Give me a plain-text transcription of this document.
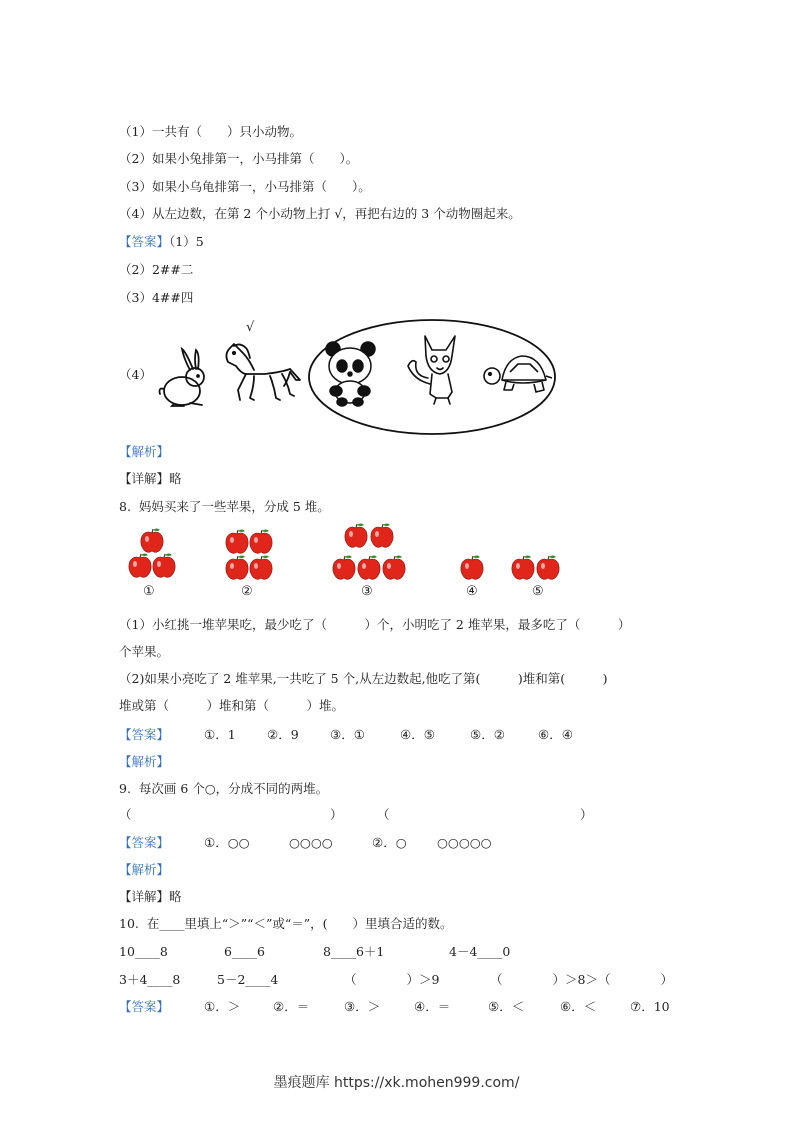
（1）一共有（　　）只小动物。
（2）如果小兔排第一，小马排第（　　）。
（3）如果小乌龟排第一，小马排第（　　）。
（4）从左边数，在第 2 个小动物上打 √，再把右边的 3 个动物圈起来。
【答案】（1）5
（2）2##二
（3）4##四
（4）
√
【解析】
【详解】略
8.  妈妈买来了一些苹果，分成 5 堆。
①	②	③	④	⑤
（1）小红挑一堆苹果吃，最少吃了（　　　）个，小明吃了 2 堆苹果，最多吃了（　　　）
个苹果。
（2)如果小亮吃了 2 堆苹果,一共吃了 5 个,从左边数起,他吃了第(　　　)堆和第(　　　)
堆或第（　　　）堆和第（　　　）堆。
【答案】	①．1	②．9	③．①	④．⑤	⑤．②	⑥．④
【解析】
9.  每次画 6 个○，分成不同的两堆。
（	）	（	）
【答案】	①．○○	○○○○	②．○ ○○○○○
【解析】
【详解】略
10.  在____里填上“＞”“＜”或“＝”，(　　）里填合适的数。
10____8	6____6	8____6＋1	4－4____0
3＋4____8	5－2____4	（　　　　）＞9	（　　　　）＞8＞（　　　　）
【答案】	①．＞	②．＝	③．＞	④．＝	⑤．＜	⑥．＜	⑦．10
墨痕题库 https://xk.mohen999.com/
